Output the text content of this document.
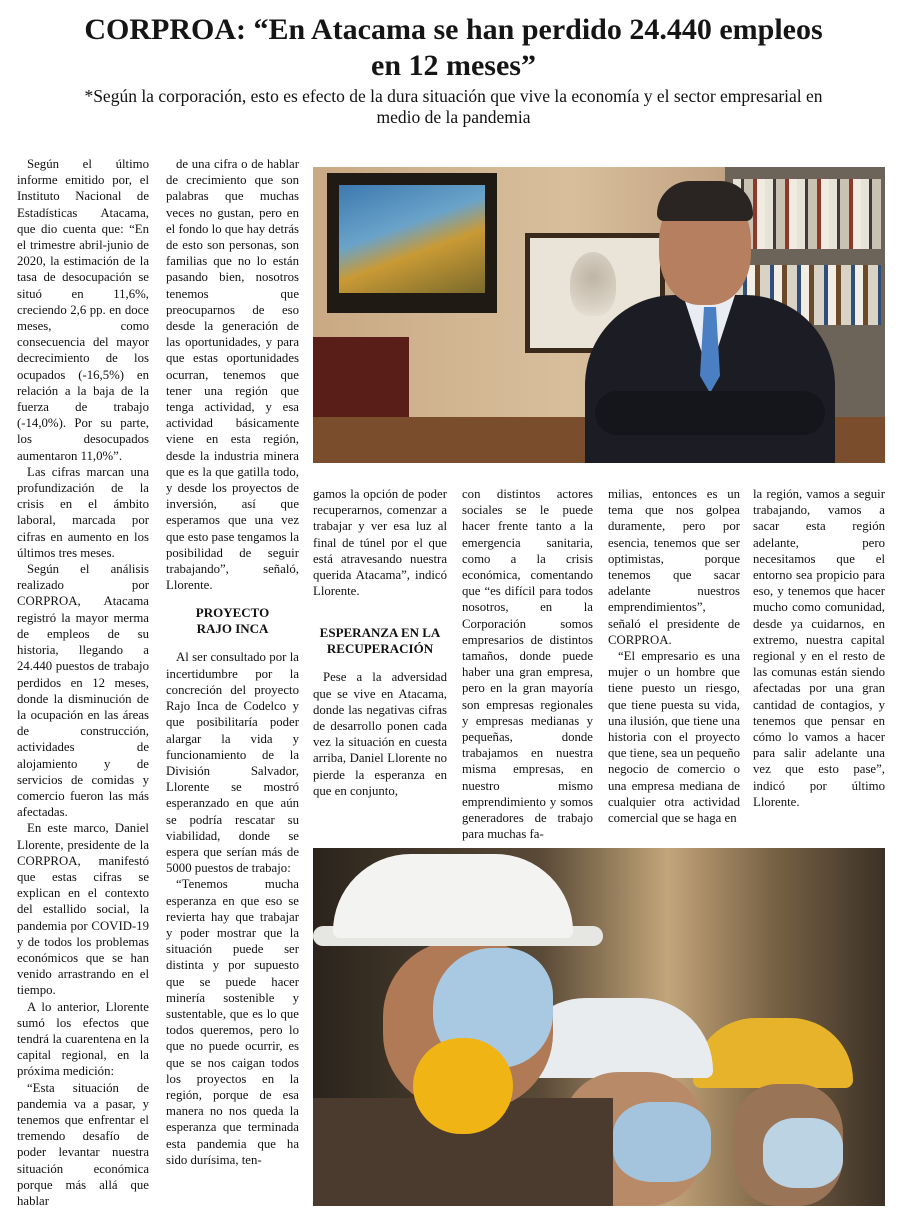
CORPROA: “En Atacama se han perdido 24.440 empleos
en 12 meses”

*Según la corporación, esto es efecto de la dura situación que vive la economía y el sector empresarial en
medio de la pandemia

Según el último informe emitido por, el Instituto Nacional de Estadísticas Atacama, que dio cuenta que: “En el trimestre abril-junio de 2020, la estimación de la tasa de desocupación se situó en 11,6%, creciendo 2,6 pp. en doce meses, como consecuencia del mayor decrecimiento de los ocupados (-16,5%) en relación a la baja de la fuerza de trabajo (-14,0%). Por su parte, los desocupados aumentaron 11,0%”.

Las cifras marcan una profundización de la crisis en el ámbito laboral, marcada por cifras en aumento en los últimos tres meses.

Según el análisis realizado por CORPROA, Atacama registró la mayor merma de empleos de su historia, llegando a 24.440 puestos de trabajo perdidos en 12 meses, donde la disminución de la ocupación en las áreas de construcción, actividades de alojamiento y de servicios de comidas y comercio fueron las más afectadas.

En este marco, Daniel Llorente, presidente de la CORPROA, manifestó que estas cifras se explican en el contexto del estallido social, la pandemia por COVID-19 y de todos los problemas económicos que se han venido arrastrando en el tiempo.

A lo anterior, Llorente sumó los efectos que tendrá la cuarentena en la capital regional, en la próxima medición:

“Esta situación de pandemia va a pasar, y tenemos que enfrentar el tremendo desafío de poder levantar nuestra situación económica porque más allá que hablar

de una cifra o de hablar de crecimiento que son palabras que muchas veces no gustan, pero en el fondo lo que hay detrás de esto son personas, son familias que no lo están pasando bien, nosotros tenemos que preocuparnos de eso desde la generación de las oportunidades, y para que estas oportunidades ocurran, tenemos que tener una región que tenga actividad, y esa actividad básicamente viene en esta región, desde la industria minera que es la que gatilla todo, y desde los proyectos de inversión, así que esperamos que una vez que esto pase tengamos la posibilidad de seguir trabajando”, señaló, Llorente.

PROYECTO
RAJO INCA

Al ser consultado por la incertidumbre por la concreción del proyecto Rajo Inca de Codelco y que posibilitaría poder alargar la vida y funcionamiento de la División Salvador, Llorente se mostró esperanzado en que aún se podría rescatar su viabilidad, donde se espera que serían más de 5000 puestos de trabajo:

“Tenemos mucha esperanza en que eso se revierta hay que trabajar y poder mostrar que la situación puede ser distinta y por supuesto que se puede hacer minería sostenible y sustentable, que es lo que todos queremos, pero lo que no puede ocurrir, es que se nos caigan todos los proyectos en la región, porque de esa manera no nos queda la esperanza que terminada esta pandemia que ha sido durísima, ten-

gamos la opción de poder recuperarnos, comenzar a trabajar y ver esa luz al final de túnel por el que está atravesando nuestra querida Atacama”, indicó Llorente.

ESPERANZA EN LA
RECUPERACIÓN

Pese a la adversidad que se vive en Atacama, donde las negativas cifras de desarrollo ponen cada vez la situación en cuesta arriba, Daniel Llorente no pierde la esperanza en que en conjunto,

con distintos actores sociales se le puede hacer frente tanto a la emergencia sanitaria, como a la crisis económica, comentando que “es difícil para todos nosotros, en la Corporación somos empresarios de distintos tamaños, donde puede haber una gran empresa, pero en la gran mayoría son empresas regionales y empresas medianas y pequeñas, donde trabajamos en nuestra misma empresas, en nuestro mismo emprendimiento y somos generadores de trabajo para muchas fa-

milias, entonces es un tema que nos golpea duramente, pero por esencia, tenemos que ser optimistas, porque tenemos que sacar adelante nuestros emprendimientos”, señaló el presidente de CORPROA.

“El empresario es una mujer o un hombre que tiene puesto un riesgo, que tiene puesta su vida, una ilusión, que tiene una historia con el proyecto que tiene, sea un pequeño negocio de comercio o una empresa mediana de cualquier otra actividad comercial que se haga en

la región, vamos a seguir trabajando, vamos a sacar esta región adelante, pero necesitamos que el entorno sea propicio para eso, y tenemos que hacer mucho como comunidad, desde ya cuidarnos, en extremo, nuestra capital regional y en el resto de las comunas están siendo afectadas por una gran cantidad de contagios, y tenemos que pensar en cómo lo vamos a hacer para salir adelante una vez que esto pase”, indicó por último Llorente.
